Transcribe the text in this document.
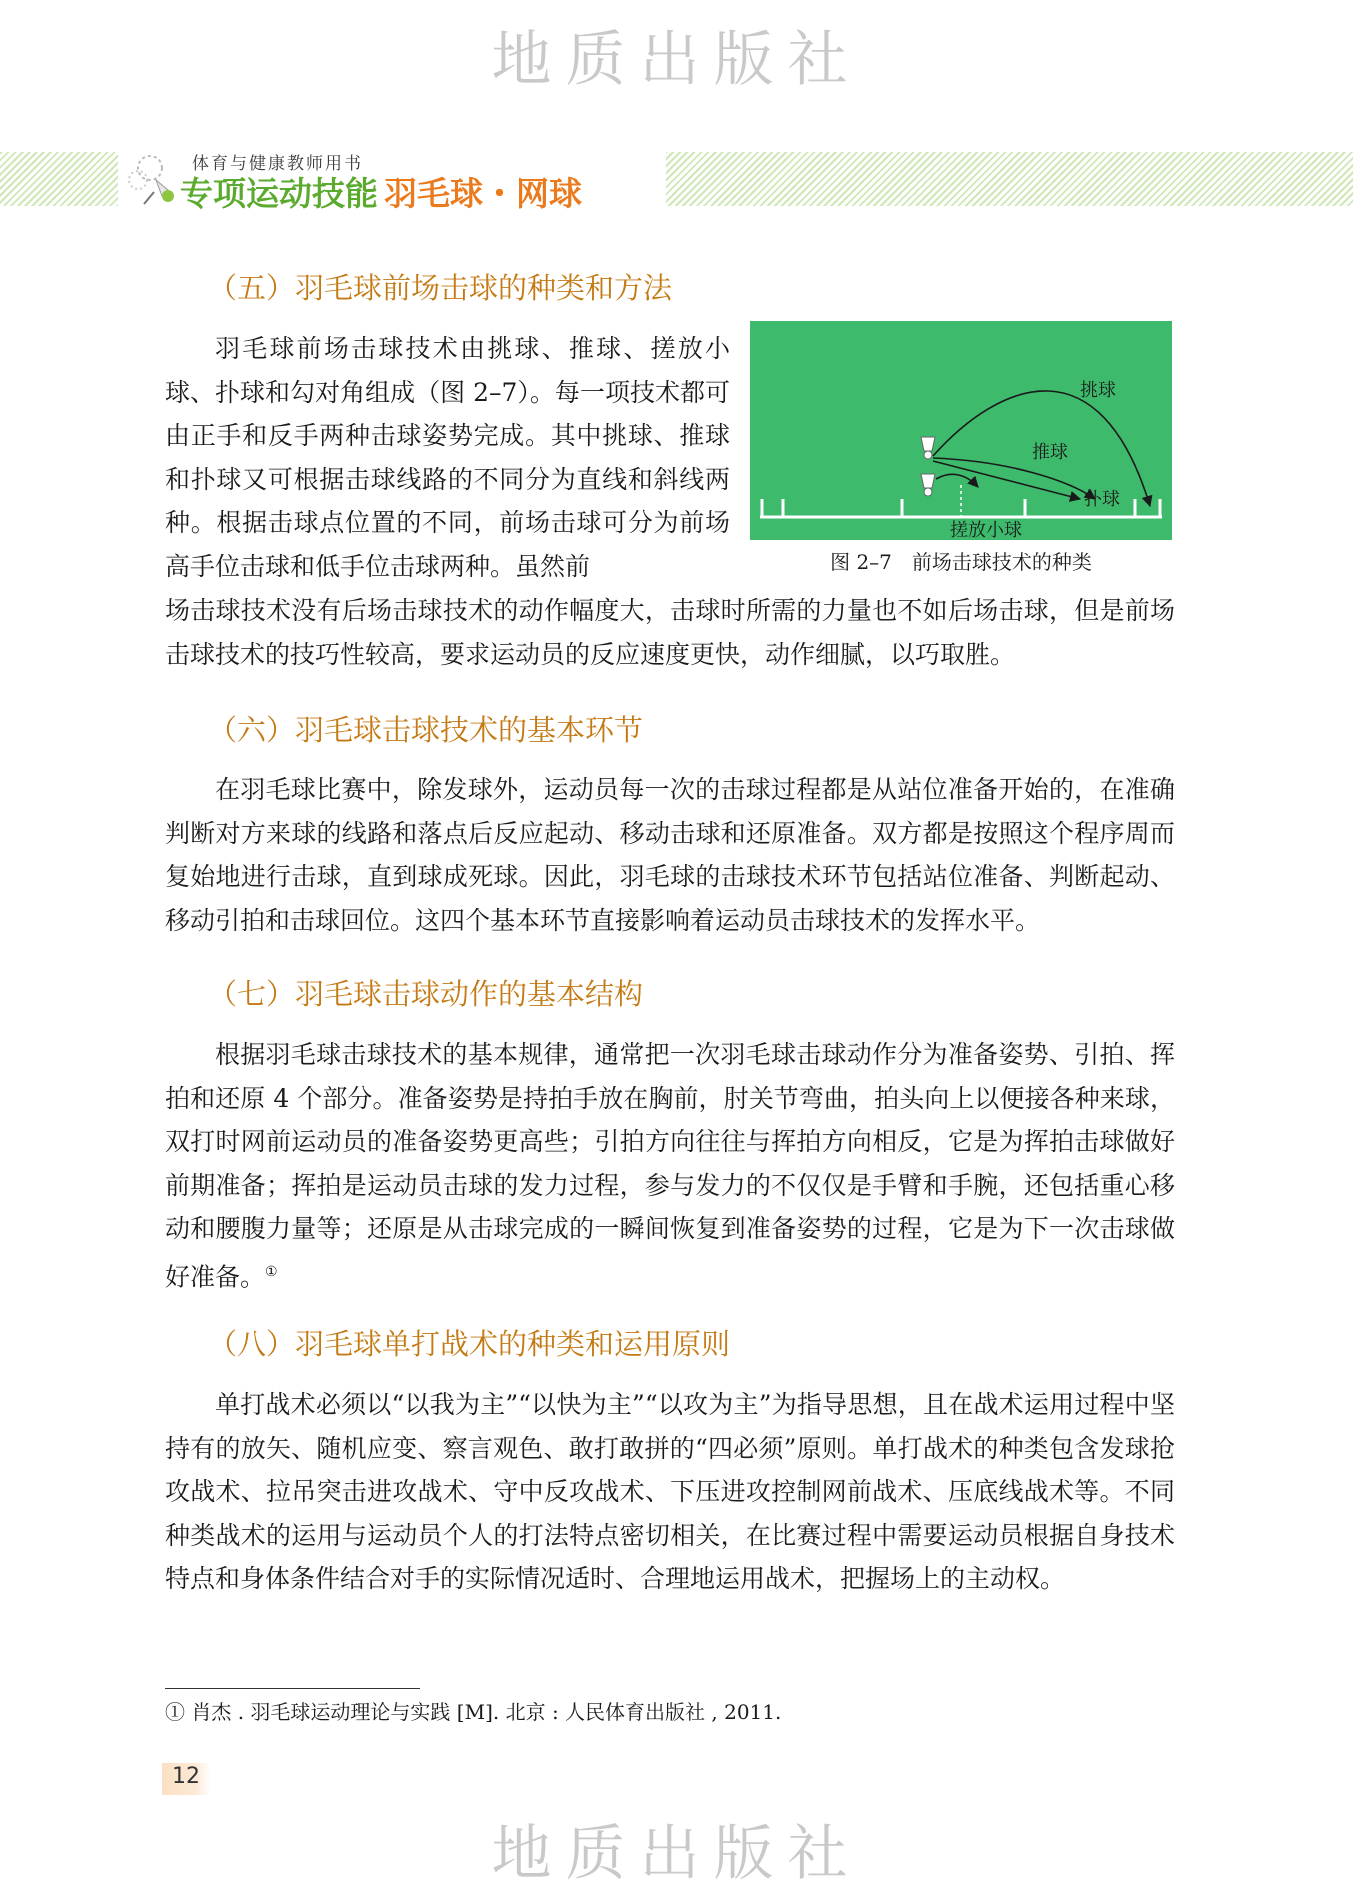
地质出版社
体育与健康教师用书
专项运动技能 羽毛球・网球
（五）羽毛球前场击球的种类和方法

羽毛球前场击球技术由挑球、推球、搓放小球、扑球和勾对角组成（图 2–7）。每一项技术都可由正手和反手两种击球姿势完成。其中挑球、推球和扑球又可根据击球线路的不同分为直线和斜线两种。根据击球点位置的不同，前场击球可分为前场高手位击球和低手位击球两种。虽然前

场击球技术没有后场击球技术的动作幅度大，击球时所需的力量也不如后场击球，但是前场击球技术的技巧性较高，要求运动员的反应速度更快，动作细腻，以巧取胜。

挑球
推球
扑球
搓放小球
图 2–7　前场击球技术的种类
（六）羽毛球击球技术的基本环节

在羽毛球比赛中，除发球外，运动员每一次的击球过程都是从站位准备开始的，在准确判断对方来球的线路和落点后反应起动、移动击球和还原准备。双方都是按照这个程序周而复始地进行击球，直到球成死球。因此，羽毛球的击球技术环节包括站位准备、判断起动、移动引拍和击球回位。这四个基本环节直接影响着运动员击球技术的发挥水平。

（七）羽毛球击球动作的基本结构

根据羽毛球击球技术的基本规律，通常把一次羽毛球击球动作分为准备姿势、引拍、挥拍和还原 4 个部分。准备姿势是持拍手放在胸前，肘关节弯曲，拍头向上以便接各种来球，双打时网前运动员的准备姿势更高些；引拍方向往往与挥拍方向相反，它是为挥拍击球做好前期准备；挥拍是运动员击球的发力过程，参与发力的不仅仅是手臂和手腕，还包括重心移动和腰腹力量等；还原是从击球完成的一瞬间恢复到准备姿势的过程，它是为下一次击球做好准备。①

（八）羽毛球单打战术的种类和运用原则

单打战术必须以“以我为主”“以快为主”“以攻为主”为指导思想，且在战术运用过程中坚持有的放矢、随机应变、察言观色、敢打敢拼的“四必须”原则。单打战术的种类包含发球抢攻战术、拉吊突击进攻战术、守中反攻战术、下压进攻控制网前战术、压底线战术等。不同种类战术的运用与运动员个人的打法特点密切相关，在比赛过程中需要运动员根据自身技术特点和身体条件结合对手的实际情况适时、合理地运用战术，把握场上的主动权。

① 肖杰 . 羽毛球运动理论与实践 [M]. 北京 : 人民体育出版社 , 2011.
12
地质出版社
